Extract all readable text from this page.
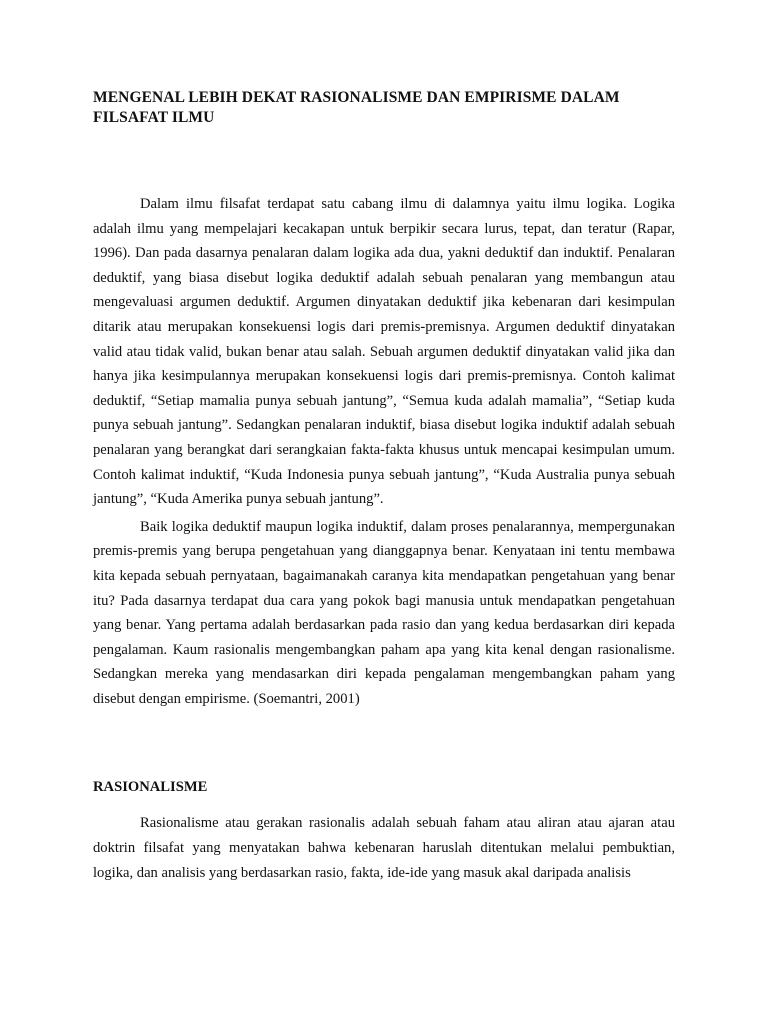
MENGENAL LEBIH DEKAT RASIONALISME DAN EMPIRISME DALAM FILSAFAT ILMU

Dalam ilmu filsafat terdapat satu cabang ilmu di dalamnya yaitu ilmu logika. Logika adalah ilmu yang mempelajari kecakapan untuk berpikir secara lurus, tepat, dan teratur (Rapar, 1996). Dan pada dasarnya penalaran dalam logika ada dua, yakni deduktif dan induktif. Penalaran deduktif, yang biasa disebut logika deduktif adalah sebuah penalaran yang membangun atau mengevaluasi argumen deduktif. Argumen dinyatakan deduktif jika kebenaran dari kesimpulan ditarik atau merupakan konsekuensi logis dari premis-premisnya. Argumen deduktif dinyatakan valid atau tidak valid, bukan benar atau salah. Sebuah argumen deduktif dinyatakan valid jika dan hanya jika kesimpulannya merupakan konsekuensi logis dari premis-premisnya. Contoh kalimat deduktif, “Setiap mamalia punya sebuah jantung”, “Semua kuda adalah mamalia”, “Setiap kuda punya sebuah jantung”. Sedangkan penalaran induktif, biasa disebut logika induktif adalah sebuah penalaran yang berangkat dari serangkaian fakta-fakta khusus untuk mencapai kesimpulan umum. Contoh kalimat induktif, “Kuda Indonesia punya sebuah jantung”, “Kuda Australia punya sebuah jantung”, “Kuda Amerika punya sebuah jantung”.

Baik logika deduktif maupun logika induktif, dalam proses penalarannya, mempergunakan premis-premis yang berupa pengetahuan yang dianggapnya benar. Kenyataan ini tentu membawa kita kepada sebuah pernyataan, bagaimanakah caranya kita mendapatkan pengetahuan yang benar itu? Pada dasarnya terdapat dua cara yang pokok bagi manusia untuk mendapatkan pengetahuan yang benar. Yang pertama adalah berdasarkan pada rasio dan yang kedua berdasarkan diri kepada pengalaman. Kaum rasionalis mengembangkan paham apa yang kita kenal dengan rasionalisme. Sedangkan mereka yang mendasarkan diri kepada pengalaman mengembangkan paham yang disebut dengan empirisme. (Soemantri, 2001)

RASIONALISME

Rasionalisme atau gerakan rasionalis adalah sebuah faham atau aliran atau ajaran atau doktrin filsafat yang menyatakan bahwa kebenaran haruslah ditentukan melalui pembuktian, logika, dan analisis yang berdasarkan rasio, fakta, ide-ide yang masuk akal daripada analisis
